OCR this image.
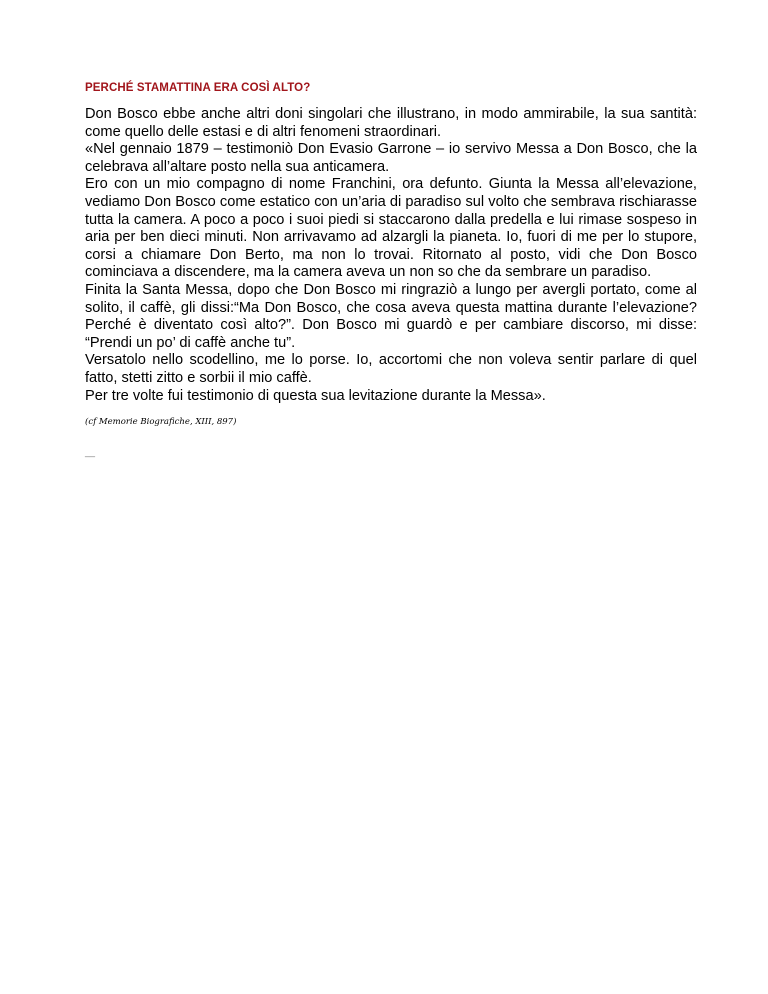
PERCHÉ STAMATTINA ERA COSÌ ALTO?

Don Bosco ebbe anche altri doni singolari che illustrano, in modo ammirabile, la sua santità: come quello delle estasi e di altri fenomeni straordinari.

«Nel gennaio 1879 – testimoniò Don Evasio Garrone – io servivo Messa a Don Bosco, che la celebrava all’altare posto nella sua anticamera.

Ero con un mio compagno di nome Franchini, ora defunto. Giunta la Messa all’elevazione, vediamo Don Bosco come estatico con un’aria di paradiso sul volto che sembrava rischiarasse tutta la camera. A poco a poco i suoi piedi si staccarono dalla predella e lui rimase sospeso in aria per ben dieci minuti. Non arrivavamo ad alzargli la pianeta. Io, fuori di me per lo stupore, corsi a chiamare Don Berto, ma non lo trovai. Ritornato al posto, vidi che Don Bosco cominciava a discendere, ma la camera aveva un non so che da sembrare un paradiso.

Finita la Santa Messa, dopo che Don Bosco mi ringraziò a lungo per avergli portato, come al solito, il caffè, gli dissi:“Ma Don Bosco, che cosa aveva questa mattina durante l’elevazione? Perché è diventato così alto?”. Don Bosco mi guardò e per cambiare discorso, mi disse: “Prendi un po’ di caffè anche tu”.

Versatolo nello scodellino, me lo porse. Io, accortomi che non voleva sentir parlare di quel fatto, stetti zitto e sorbii il mio caffè.

Per tre volte fui testimonio di questa sua levitazione durante la Messa».

(cf Memorie Biografiche, XIII, 897)
__
